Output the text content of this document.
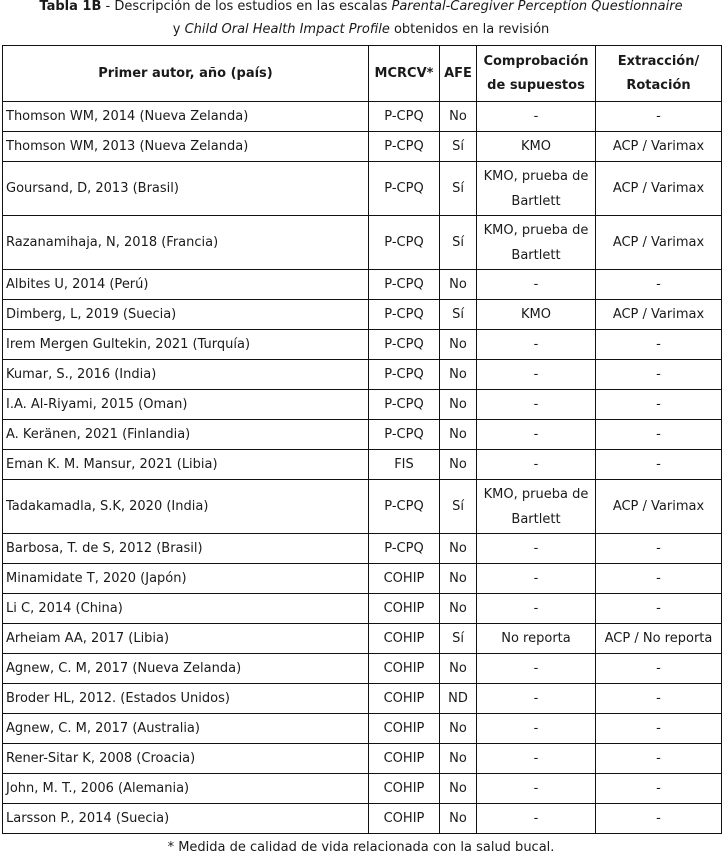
Tabla 1B - Descripción de los estudios en las escalas Parental-Caregiver Perception Questionnaire
y Child Oral Health Impact Profile obtenidos en la revisión
Primer autor, año (país)	MCRCV*	AFE	Comprobación de supuestos	Extracción/ Rotación
Thomson WM, 2014 (Nueva Zelanda)	P-CPQ	No	-	-
Thomson WM, 2013 (Nueva Zelanda)	P-CPQ	Sí	KMO	ACP / Varimax
Goursand, D, 2013 (Brasil)	P-CPQ	Sí	KMO, prueba de Bartlett	ACP / Varimax
Razanamihaja, N, 2018 (Francia)	P-CPQ	Sí	KMO, prueba de Bartlett	ACP / Varimax
Albites U, 2014 (Perú)	P-CPQ	No	-	-
Dimberg, L, 2019 (Suecia)	P-CPQ	Sí	KMO	ACP / Varimax
Irem Mergen Gultekin, 2021 (Turquía)	P-CPQ	No	-	-
Kumar, S., 2016 (India)	P-CPQ	No	-	-
I.A. Al-Riyami, 2015 (Oman)	P-CPQ	No	-	-
A. Keränen, 2021 (Finlandia)	P-CPQ	No	-	-
Eman K. M. Mansur, 2021 (Libia)	FIS	No	-	-
Tadakamadla, S.K, 2020 (India)	P-CPQ	Sí	KMO, prueba de Bartlett	ACP / Varimax
Barbosa, T. de S, 2012 (Brasil)	P-CPQ	No	-	-
Minamidate T, 2020 (Japón)	COHIP	No	-	-
Li C, 2014 (China)	COHIP	No	-	-
Arheiam AA, 2017 (Libia)	COHIP	Sí	No reporta	ACP / No reporta
Agnew, C. M, 2017 (Nueva Zelanda)	COHIP	No	-	-
Broder HL, 2012. (Estados Unidos)	COHIP	ND	-	-
Agnew, C. M, 2017 (Australia)	COHIP	No	-	-
Rener-Sitar K, 2008 (Croacia)	COHIP	No	-	-
John, M. T., 2006 (Alemania)	COHIP	No	-	-
Larsson P., 2014 (Suecia)	COHIP	No	-	-
* Medida de calidad de vida relacionada con la salud bucal.
